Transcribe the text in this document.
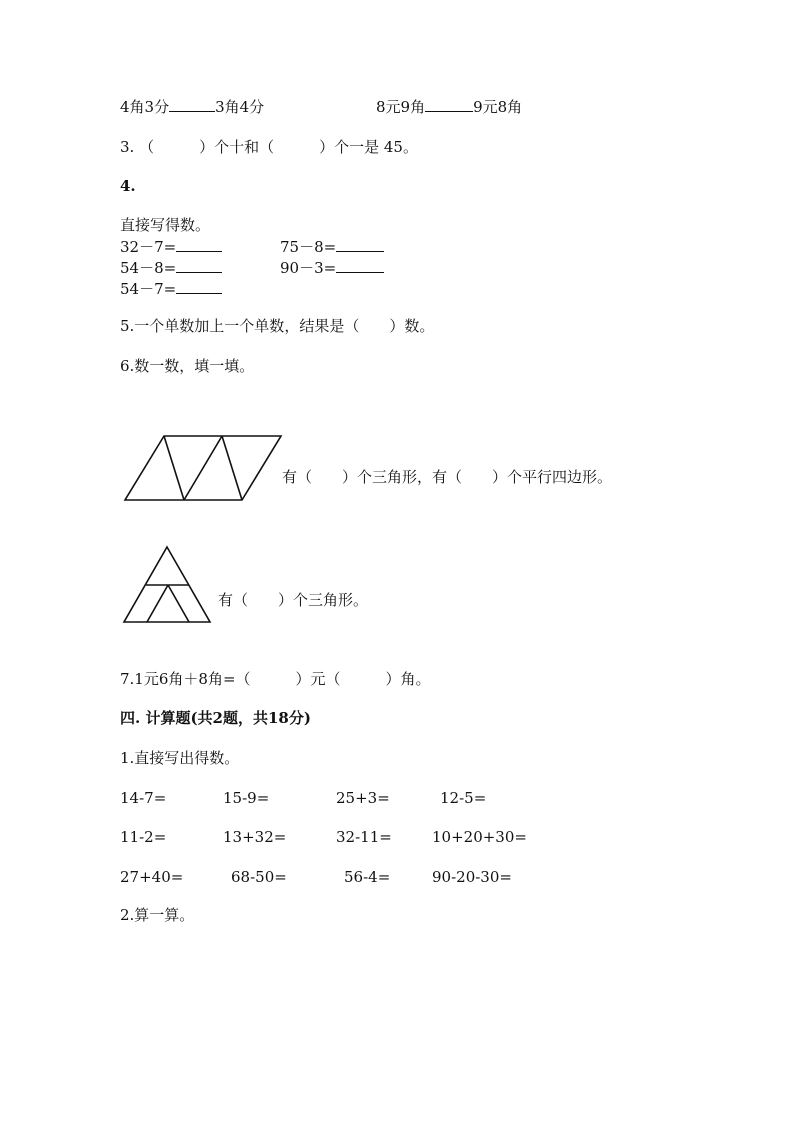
4角3分	3角4分	8元9角	9元8角
3. （　　　）个十和（　　　）个一是 45。
4.
直接写得数。
32－7=	75－8=
54－8=	90－3=
54－7=
5.一个单数加上一个单数，结果是（　　）数。
6.数一数，填一填。
有（　　）个三角形，有（　　）个平行四边形。
有（　　）个三角形。
7.1元6角＋8角=（　　　）元（　　　）角。
四. 计算题(共2题，共18分)
1.直接写出得数。
14-7=	15-9=	25+3=	12-5=
11-2=	13+32=	32-11=	10+20+30=
27+40=	68-50=	56-4=	90-20-30=
2.算一算。
